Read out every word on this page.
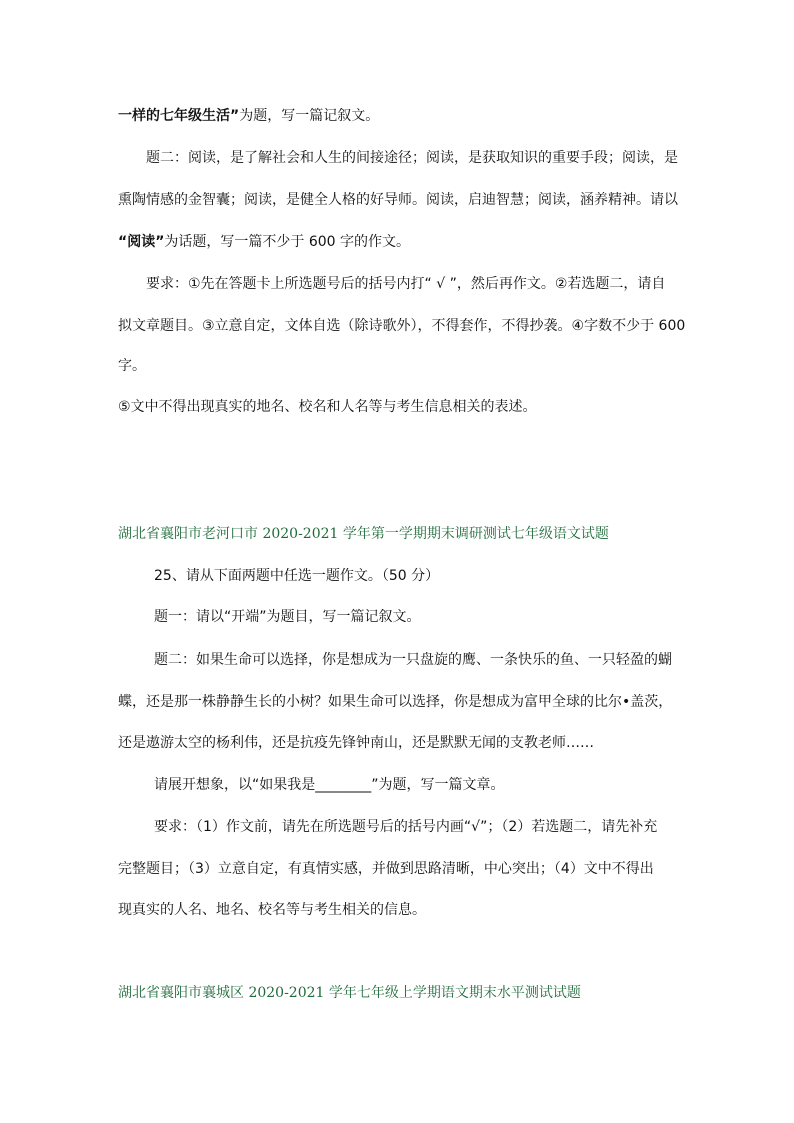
一样的七年级生活”为题，写一篇记叙文。
题二：阅读，是了解社会和人生的间接途径；阅读，是获取知识的重要手段；阅读，是
熏陶情感的金智囊；阅读，是健全人格的好导师。阅读，启迪智慧；阅读，涵养精神。请以
“阅读”为话题，写一篇不少于 600 字的作文。
要求：①先在答题卡上所选题号后的括号内打“ √ ”，然后再作文。②若选题二，请自
拟文章题目。③立意自定，文体自选（除诗歌外），不得套作，不得抄袭。④字数不少于 600
字。
⑤文中不得出现真实的地名、校名和人名等与考生信息相关的表述。
湖北省襄阳市老河口市 2020-2021 学年第一学期期末调研测试七年级语文试题
25、请从下面两题中任选一题作文。（50 分）
题一：请以“开端”为题目，写一篇记叙文。
题二：如果生命可以选择，你是想成为一只盘旋的鹰、一条快乐的鱼、一只轻盈的蝴
蝶，还是那一株静静生长的小树？如果生命可以选择，你是想成为富甲全球的比尔•盖茨，
还是遨游太空的杨利伟，还是抗疫先锋钟南山，还是默默无闻的支教老师……
请展开想象，以“如果我是________”为题，写一篇文章。
要求：（1）作文前，请先在所选题号后的括号内画“√”；（2）若选题二，请先补充
完整题目；（3）立意自定，有真情实感，并做到思路清晰，中心突出；（4）文中不得出
现真实的人名、地名、校名等与考生相关的信息。
湖北省襄阳市襄城区 2020-2021 学年七年级上学期语文期末水平测试试题
